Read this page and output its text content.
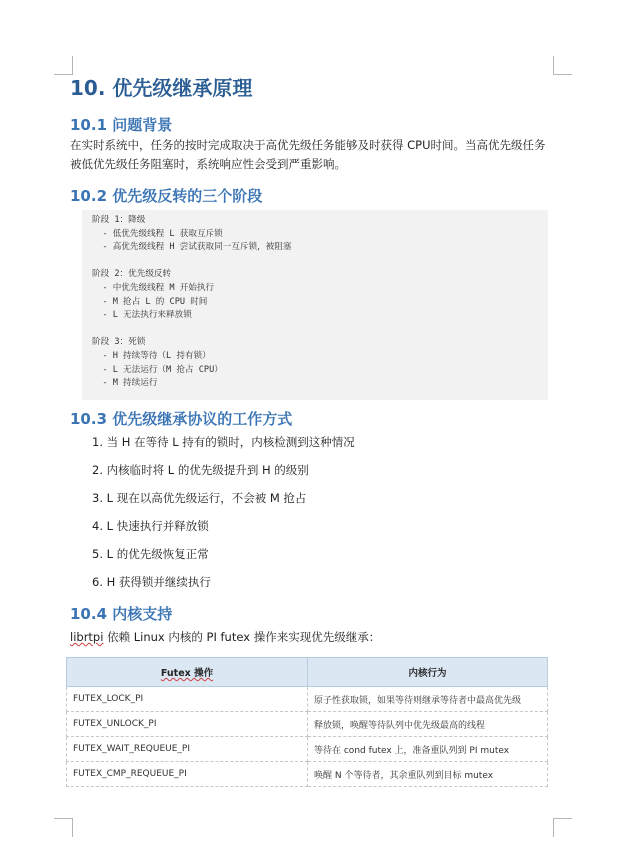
10. 优先级继承原理
10.1 问题背景
在实时系统中，任务的按时完成取决于高优先级任务能够及时获得 CPU时间。当高优先级任务被低优先级任务阻塞时，系统响应性会受到严重影响。
10.2 优先级反转的三个阶段
阶段 1：降级
- 低优先级线程 L 获取互斥锁
- 高优先级线程 H 尝试获取同一互斥锁，被阻塞

阶段 2：优先级反转
- 中优先级线程 M 开始执行
- M 抢占 L 的 CPU 时间
- L 无法执行来释放锁

阶段 3：死锁
- H 持续等待（L 持有锁）
- L 无法运行（M 抢占 CPU）
- M 持续运行
10.3 优先级继承协议的工作方式
1. 当 H 在等待 L 持有的锁时，内核检测到这种情况
2. 内核临时将 L 的优先级提升到 H 的级别
3. L 现在以高优先级运行，不会被 M 抢占
4. L 快速执行并释放锁
5. L 的优先级恢复正常
6. H 获得锁并继续执行
10.4 内核支持
librtpi 依赖 Linux 内核的 PI futex 操作来实现优先级继承：
Futex 操作	内核行为
FUTEX_LOCK_PI	原子性获取锁，如果等待则继承等待者中最高优先级
FUTEX_UNLOCK_PI	释放锁，唤醒等待队列中优先级最高的线程
FUTEX_WAIT_REQUEUE_PI	等待在 cond futex 上，准备重队列到 PI mutex
FUTEX_CMP_REQUEUE_PI	唤醒 N 个等待者，其余重队列到目标 mutex
